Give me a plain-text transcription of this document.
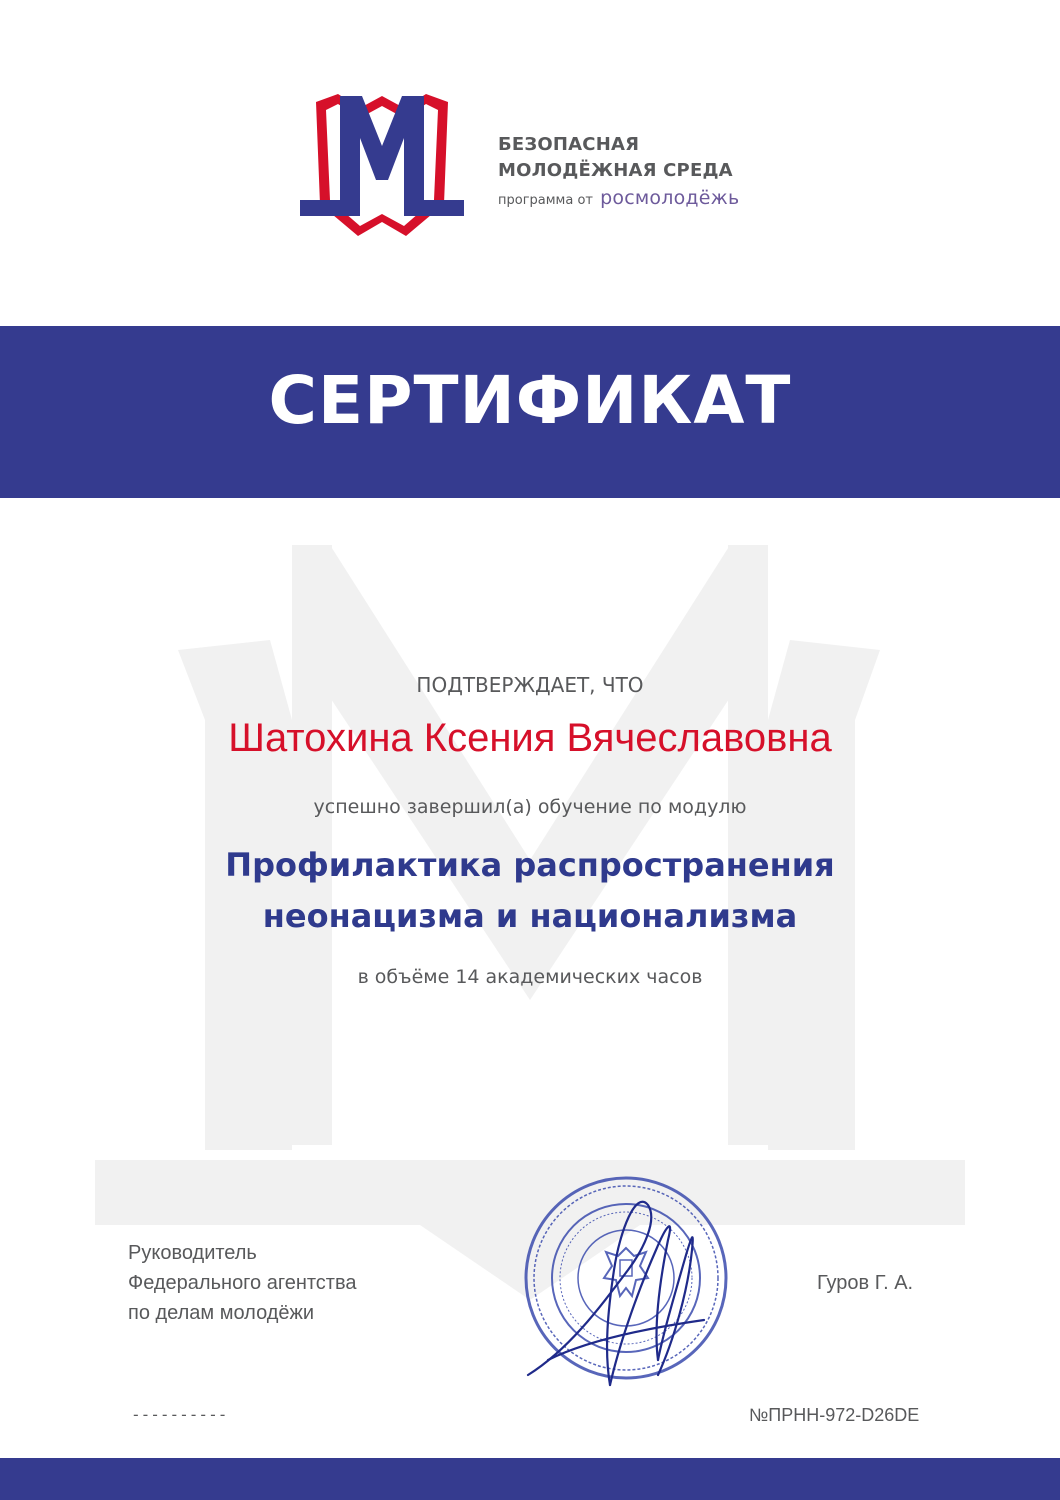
БЕЗОПАСНАЯ
МОЛОДЁЖНАЯ СРЕДА
программа от росмолодёжь
СЕРТИФИКАТ
ПОДТВЕРЖДАЕТ, ЧТО
Шатохина Ксения Вячеславовна
успешно завершил(а) обучение по модулю
Профилактика распространения
неонацизма и национализма
в объёме 14 академических часов
Руководитель
Федерального агентства
по делам молодёжи
Гуров Г. А.
----------	№ПРНН-972-D26DE
